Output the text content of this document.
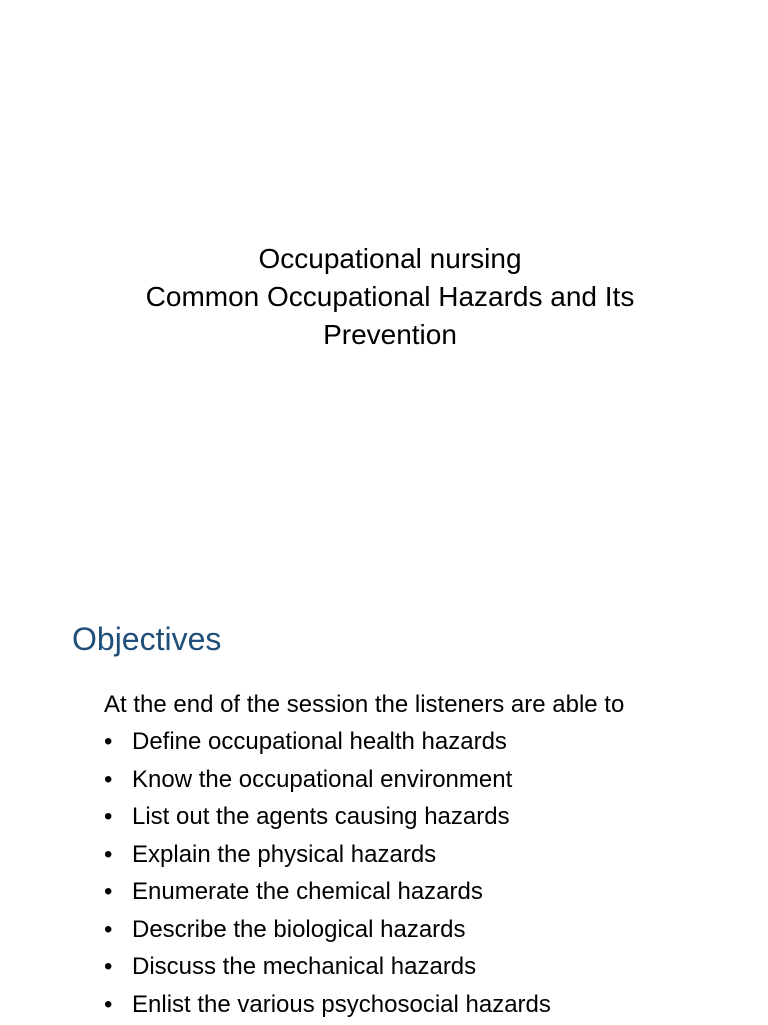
Occupational nursing
Common Occupational Hazards and Its
Prevention
Objectives

At the end of the session the listeners are able to

• Define occupational health hazards
• Know the occupational environment
• List out the agents causing hazards
• Explain the physical hazards
• Enumerate the chemical hazards
• Describe the biological hazards
• Discuss the mechanical hazards
• Enlist the various psychosocial hazards
